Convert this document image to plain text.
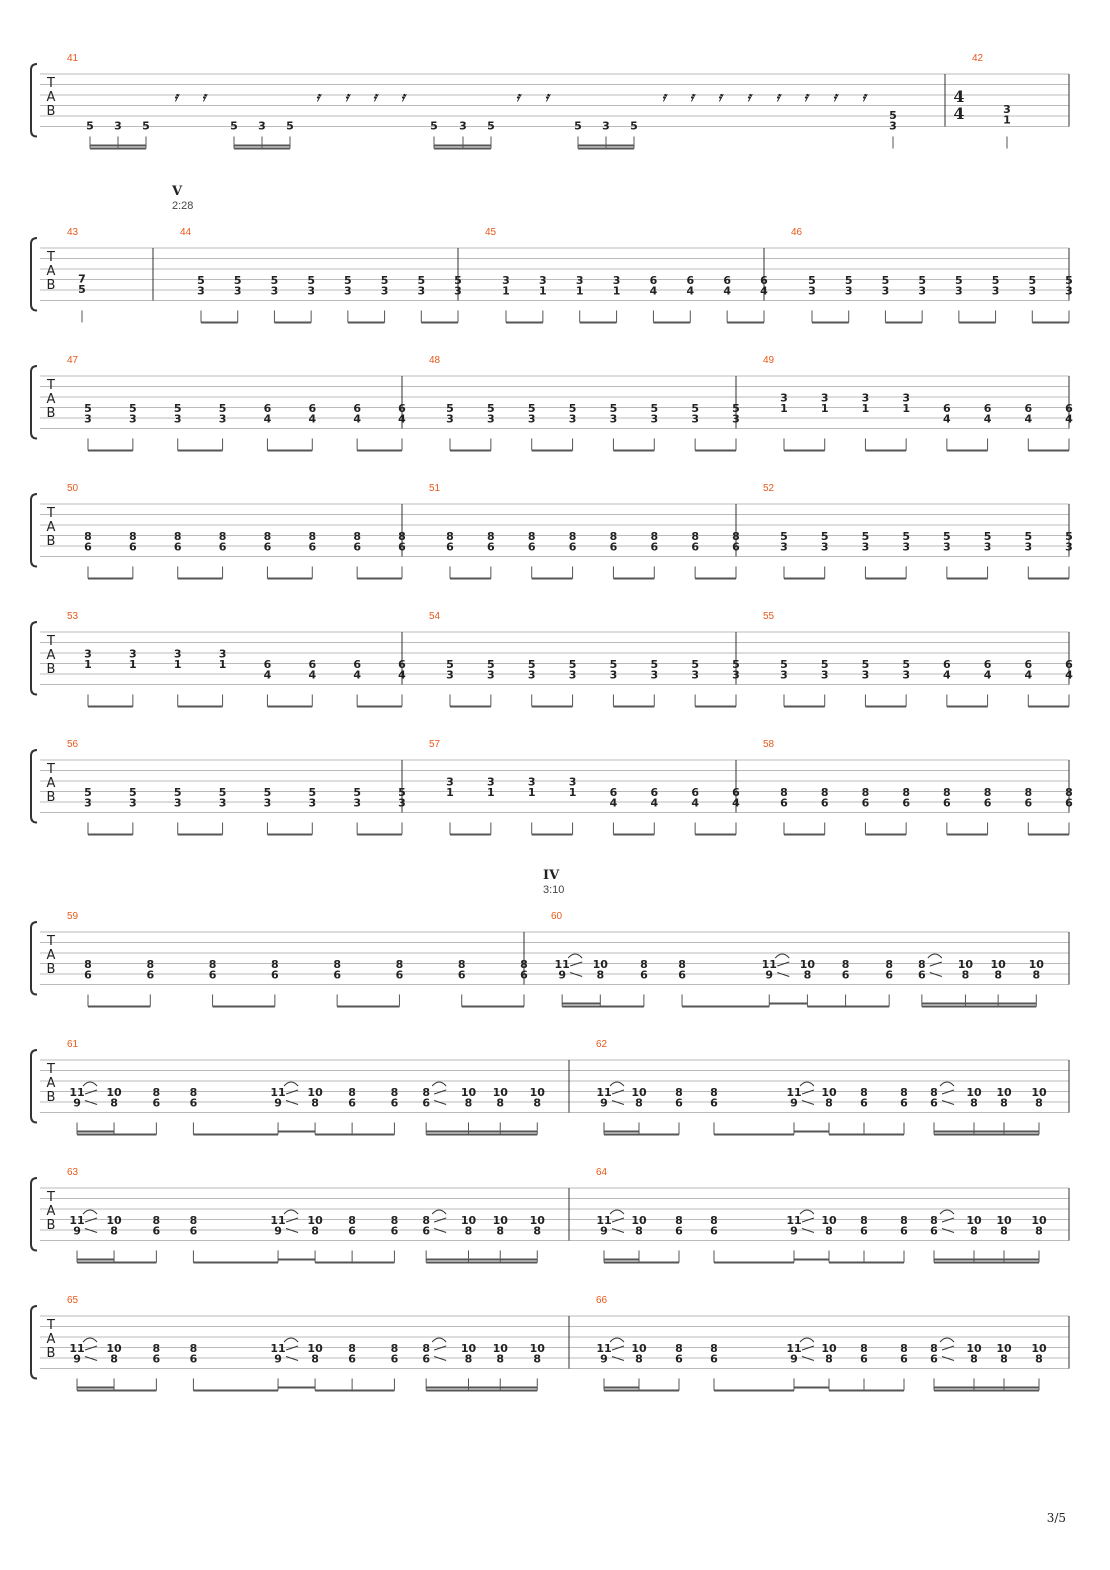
3/5
T
A
B
41
5 3 5
𝄿 𝄿
5 3 5
𝄿 𝄿 𝄿 𝄿
5 3 5
𝄿 𝄿
5 3 5
𝄿 𝄿 𝄿 𝄿 𝄿 𝄿 𝄿 𝄿
5
3
42
4
4	3
1
T
A
B
V
2:28
43
7
5
44
5
3
5
3
5
3
5
3
5
3
5
3
5
3
5
3
45
3
1
3
1
3
1
3
1
6
4
6
4
6
4
6
4
46
5
3
5
3
5
3
5
3
5
3
5
3
5
3
5
3
T
A
B
47
5
3
5
3
5
3
5
3
6
4
6
4
6
4
6
4
48
5
3
5
3
5
3
5
3
5
3
5
3
5
3
5
3
49
3
1
3
1
3
1
3
1	6
4
6
4
6
4
6
4
T
A
B
50
8
6
8
6
8
6
8
6
8
6
8
6
8
6
8
6
51
8
6
8
6
8
6
8
6
8
6
8
6
8
6
8
6
52
5
3
5
3
5
3
5
3
5
3
5
3
5
3
5
3
T
A
B
53
3
1
3
1
3
1
3
1	6
4
6
4
6
4
6
4
54
5
3
5
3
5
3
5
3
5
3
5
3
5
3
5
3
55
5
3
5
3
5
3
5
3
6
4
6
4
6
4
6
4
T
A
B
56
5
3
5
3
5
3
5
3
5
3
5
3
5
3
5
3
57
3
1
3
1
3
1
3
1	6
4
6
4
6
4
6
4
58
8
6
8
6
8
6
8
6
8
6
8
6
8
6
8
6
T
A
B
IV
3:10
59
8
6
8
6
8
6
8
6
8
6
8
6
8
6
8
6
60
11
9
10
8
8
6
8
6
11
9
10
8
8
6
8
6
8
6
10
8
10
8
10
8
T
A
B
61
11
9
10
8
8
6
8
6
11
9
10
8
8
6
8
6
8
6
10
8
10
8
10
8
62
11
9
10
8
8
6
8
6
11
9
10
8
8
6
8
6
8
6
10
8
10
8
10
8
T
A
B
63
11
9
10
8
8
6
8
6
11
9
10
8
8
6
8
6
8
6
10
8
10
8
10
8
64
11
9
10
8
8
6
8
6
11
9
10
8
8
6
8
6
8
6
10
8
10
8
10
8
T
A
B
65
11
9
10
8
8
6
8
6
11
9
10
8
8
6
8
6
8
6
10
8
10
8
10
8
66
11
9
10
8
8
6
8
6
11
9
10
8
8
6
8
6
8
6
10
8
10
8
10
8
